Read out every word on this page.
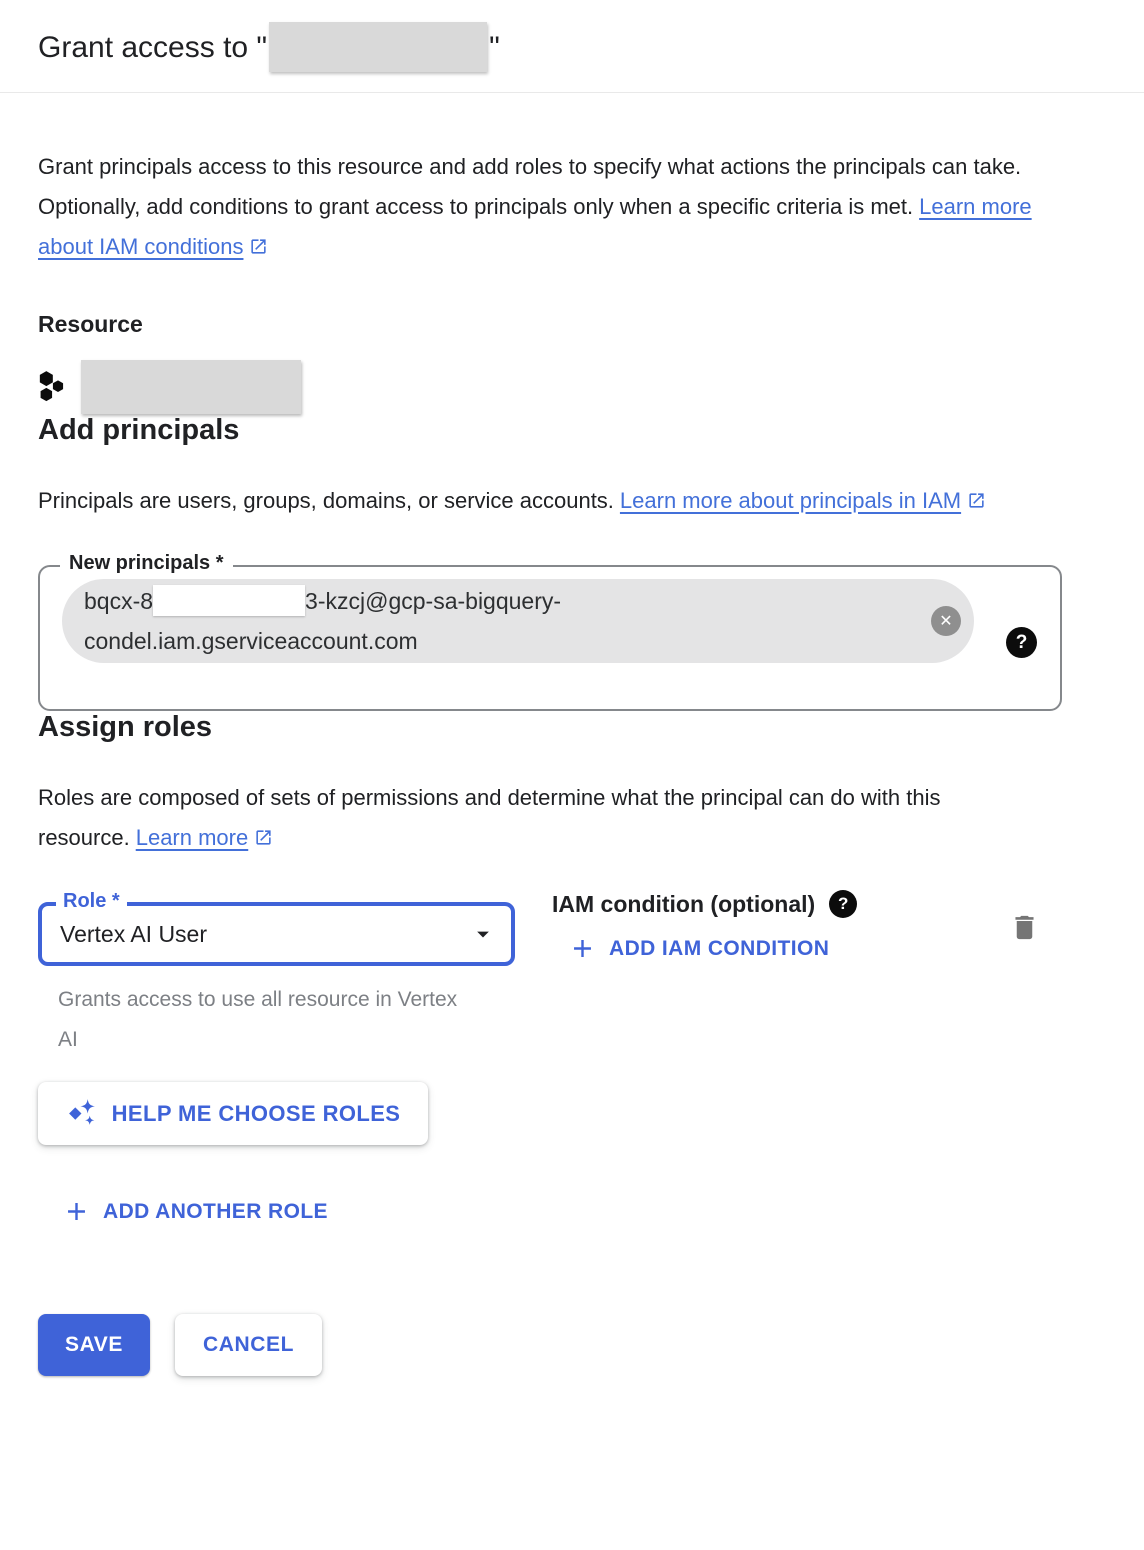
Grant access to "	"

Grant principals access to this resource and add roles to specify what actions the principals can take. Optionally, add conditions to grant access to principals only when a specific criteria is met. Learn more about IAM conditions

Resource
Add principals

Principals are users, groups, domains, or service accounts. Learn more about principals in IAM

New principals *
bqcx-8	3-kzcj@gcp-sa-bigquery-
condel.iam.gserviceaccount.com
✕
?
Assign roles

Roles are composed of sets of permissions and determine what the principal can do with this resource. Learn more

Role *
Vertex AI User
Grants access to use all resource in Vertex AI
IAM condition (optional)	?
ADD IAM CONDITION
HELP ME CHOOSE ROLES
ADD ANOTHER ROLE
SAVE	CANCEL
